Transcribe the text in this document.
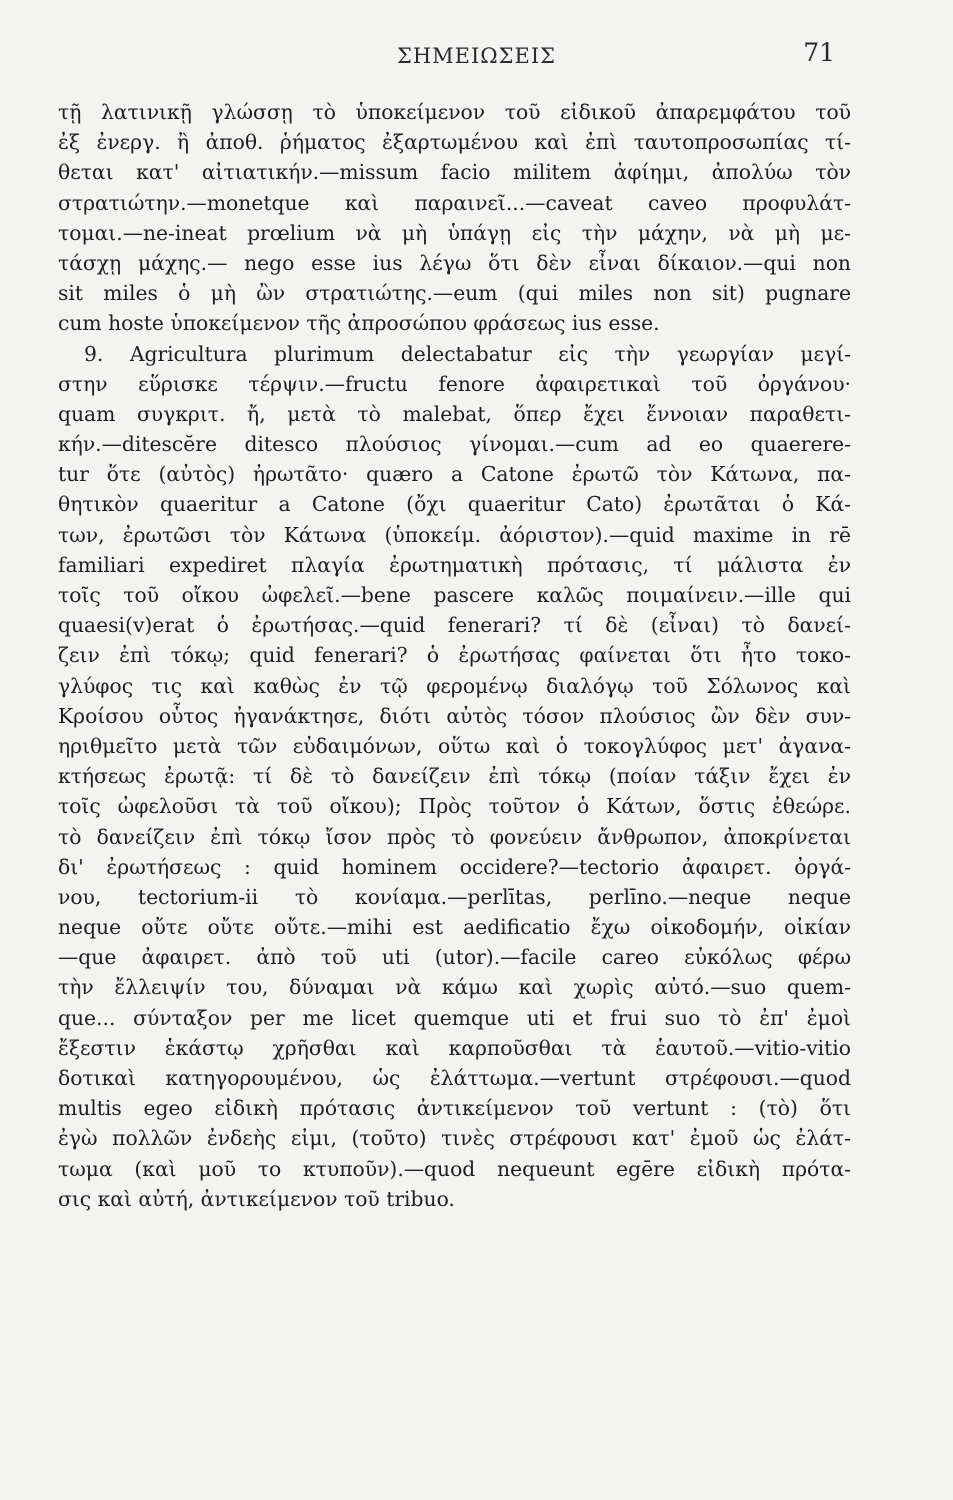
ΣΗΜΕΙΩΣΕΙΣ	71
τῇ λατινικῇ γλώσσῃ τὸ ὑποκείμενον τοῦ εἰδικοῦ ἀπαρεμφάτου τοῦ
ἐξ ἐνεργ. ἢ ἀποθ. ῥήματος ἐξαρτωμένου καὶ ἐπὶ ταυτοπροσωπίας τί-
θεται κατ' αἰτιατικήν.—missum facio militem ἀφίημι, ἀπολύω τὸν
στρατιώτην.—monetque καὶ παραινεῖ...—caveat caveo προφυλάτ-
τομαι.—ne-ineat prœlium νὰ μὴ ὑπάγῃ εἰς τὴν μάχην, νὰ μὴ με-
τάσχῃ μάχης.— nego esse ius λέγω ὅτι δὲν εἶναι δίκαιον.—qui non
sit miles ὁ μὴ ὢν στρατιώτης.—eum (qui miles non sit) pugnare
cum hoste ὑποκείμενον τῆς ἀπροσώπου φράσεως ius esse.
9. Agricultura plurimum delectabatur εἰς τὴν γεωργίαν μεγί-
στην εὕρισκε τέρψιν.—fructu fenore ἀφαιρετικαὶ τοῦ ὀργάνου·
quam συγκριτ. ἤ, μετὰ τὸ malebat, ὅπερ ἔχει ἔννοιαν παραθετι-
κήν.—ditescĕre ditesco πλούσιος γίνομαι.—cum ad eo quaerere-
tur ὅτε (αὐτὸς) ἠρωτᾶτο· quæro a Catone ἐρωτῶ τὸν Κάτωνα, πα-
θητικὸν quaeritur a Catone (ὄχι quaeritur Cato) ἐρωτᾶται ὁ Κά-
των, ἐρωτῶσι τὸν Κάτωνα (ὑποκείμ. ἀόριστον).—quid maxime in rē
familiari expediret πλαγία ἐρωτηματικὴ πρότασις, τί μάλιστα ἐν
τοῖς τοῦ οἴκου ὠφελεῖ.—bene pascere καλῶς ποιμαίνειν.—ille qui
quaesi(v)erat ὁ ἐρωτήσας.—quid fenerari? τί δὲ (εἶναι) τὸ δανεί-
ζειν ἐπὶ τόκῳ; quid fenerari? ὁ ἐρωτήσας φαίνεται ὅτι ἦτο τοκο-
γλύφος τις καὶ καθὼς ἐν τῷ φερομένῳ διαλόγῳ τοῦ Σόλωνος καὶ
Κροίσου οὗτος ἠγανάκτησε, διότι αὐτὸς τόσον πλούσιος ὢν δὲν συν-
ηριθμεῖτο μετὰ τῶν εὐδαιμόνων, οὕτω καὶ ὁ τοκογλύφος μετ' ἀγανα-
κτήσεως ἐρωτᾷ: τί δὲ τὸ δανείζειν ἐπὶ τόκῳ (ποίαν τάξιν ἔχει ἐν
τοῖς ὠφελοῦσι τὰ τοῦ οἴκου); Πρὸς τοῦτον ὁ Κάτων, ὅστις ἐθεώρε.
τὸ δανείζειν ἐπὶ τόκῳ ἴσον πρὸς τὸ φονεύειν ἄνθρωπον, ἀποκρίνεται
δι' ἐρωτήσεως : quid hominem occidere?—tectorio ἀφαιρετ. ὀργά-
νου, tectorium-ii τὸ κονίαμα.—perlītas, perlīno.—neque neque
neque οὔτε οὔτε οὔτε.—mihi est aedificatio ἔχω οἰκοδομήν, οἰκίαν
—que ἀφαιρετ. ἀπὸ τοῦ uti (utor).—facile careo εὐκόλως φέρω
τὴν ἔλλειψίν του, δύναμαι νὰ κάμω καὶ χωρὶς αὐτό.—suo quem-
que... σύνταξον per me licet quemque uti et frui suo τὸ ἐπ' ἐμοὶ
ἔξεστιν ἑκάστῳ χρῆσθαι καὶ καρποῦσθαι τὰ ἑαυτοῦ.—vitio-vitio
δοτικαὶ κατηγορουμένου, ὡς ἐλάττωμα.—vertunt στρέφουσι.—quod
multis egeo εἰδικὴ πρότασις ἀντικείμενον τοῦ vertunt : (τὸ) ὅτι
ἐγὼ πολλῶν ἐνδεὴς εἰμι, (τοῦτο) τινὲς στρέφουσι κατ' ἐμοῦ ὡς ἐλάτ-
τωμα (καὶ μοῦ το κτυποῦν).—quod nequeunt egēre εἰδικὴ πρότα-
σις καὶ αὐτή, ἀντικείμενον τοῦ tribuo.
